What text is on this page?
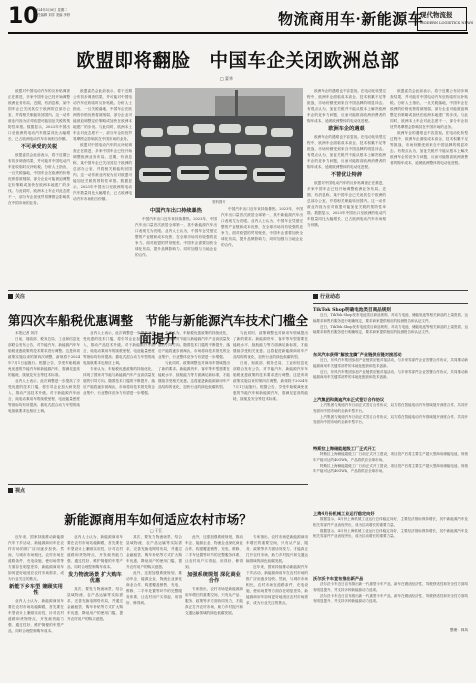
10
2024年5月6日 星期二
责任编辑 刘洋 美编 李婷	物流商用车·新能源车
现代物流报
MODERN LOGISTICS NEWS
欧盟即将翻脸　中国车企关闭欧洲总部
□ 蒙华

欧盟对中国电动汽车的反补贴调查正在推进，多家中国车企已经开始调整欧洲业务布局。近期，有消息称，某中国车企已关闭其位于欧洲的总部办公室，并将相关职能转回国内。这一动作被业内视为应对欧盟可能加征关税的预防性举措。数据显示，2023年中国出口至欧洲的电动汽车数量同比大幅增长，已占欧洲电动汽车市场相当份额。

不可承受的关税

欧盟委员会此前表示，将于近期公布初步调查结果，并可能对中国电动汽车征收临时反补贴税。分析人士指出，一旦关税落地，中国车企在欧洲的价格优势将被削弱，部分企业可能被迫调整定价策略或加快在欧洲本地建厂的步伐。与此同时，欧洲本土车企对此态度不一，部分车企担忧贸易摩擦会影响其在中国市场的业务。

欧盟委员会此前表示，将于近期公布初步调查结果，并可能对中国电动汽车征收临时反补贴税。分析人士指出，一旦关税落地，中国车企在欧洲的价格优势将被削弱，部分企业可能被迫调整定价策略或加快在欧洲本地建厂的步伐。与此同时，欧洲本土车企对此态度不一，部分车企担忧贸易摩擦会影响其在中国市场的业务。

欧盟对中国电动汽车的反补贴调查正在推进，多家中国车企已经开始调整欧洲业务布局。近期，有消息称，某中国车企已关闭其位于欧洲的总部办公室，并将相关职能转回国内。这一动作被业内视为应对欧盟可能加征关税的预防性举措。数据显示，2023年中国出口至欧洲的电动汽车数量同比大幅增长，已占欧洲电动汽车市场相当份额。

资料图片
中国汽车出口持续暴热

中国汽车出口近年来持续暴热。2023年，中国汽车出口量首次跃居全球第一，其中新能源汽车出口表现尤为亮眼。业内人士认为，中国车企凭借完整的产业链和成本优势，在全球市场具有较强的竞争力。面对欧盟的贸易壁垒，中国车企需要加快全球化布局，提升品牌影响力，同时加强与当地企业的合作。

中国汽车出口近年来持续暴热。2023年，中国汽车出口量首次跃居全球第一，其中新能源汽车出口表现尤为亮眼。业内人士认为，中国车企凭借完整的产业链和成本优势，在全球市场具有较强的竞争力。面对欧盟的贸易壁垒，中国车企需要加快全球化布局，提升品牌影响力，同时加强与当地企业的合作。

欧洲车企的遇艰也不容忽视。在电动化转型过程中，欧洲车企面临成本高企、技术积累不足等挑战，市场份额受到来自中国品牌的明显冲击。有观点认为，加征关税并不能从根本上解决欧洲车企的竞争力问题，反而可能推高欧洲消费者的购车成本，延缓欧洲整体的电动化进程。

欧洲车企的遇艰

欧洲车企的遇艰也不容忽视。在电动化转型过程中，欧洲车企面临成本高企、技术积累不足等挑战，市场份额受到来自中国品牌的明显冲击。有观点认为，加征关税并不能从根本上解决欧洲车企的竞争力问题，反而可能推高欧洲消费者的购车成本，延缓欧洲整体的电动化进程。

不替优让特辞

欧盟对中国电动汽车的反补贴调查正在推进，多家中国车企已经开始调整欧洲业务布局。近期，有消息称，某中国车企已关闭其位于欧洲的总部办公室，并将相关职能转回国内。这一动作被业内视为应对欧盟可能加征关税的预防性举措。数据显示，2023年中国出口至欧洲的电动汽车数量同比大幅增长，已占欧洲电动汽车市场相当份额。

欧盟委员会此前表示，将于近期公布初步调查结果，并可能对中国电动汽车征收临时反补贴税。分析人士指出，一旦关税落地，中国车企在欧洲的价格优势将被削弱，部分企业可能被迫调整定价策略或加快在欧洲本地建厂的步伐。与此同时，欧洲本土车企对此态度不一，部分车企担忧贸易摩擦会影响其在中国市场的业务。

欧洲车企的遇艰也不容忽视。在电动化转型过程中，欧洲车企面临成本高企、技术积累不足等挑战，市场份额受到来自中国品牌的明显冲击。有观点认为，加征关税并不能从根本上解决欧洲车企的竞争力问题，反而可能推高欧洲消费者的购车成本，延缓欧洲整体的电动化进程。

关注
第四次车船税优惠调整　节能与新能源汽车技术门槛全面提升

本报记者 刘洋

日前，财政部、税务总局、工业和信息化部联合发布公告，对节能汽车、新能源汽车车船税优惠政策的技术要求进行调整。这是该项政策实施以来的第四次调整，新规将于2024年7月1日起施行。根据公告，享受车船税减免优惠的节能汽车和新能源汽车，需满足更高的能耗、续航及安全等技术标准。

业内人士表示，此次调整进一步提高了享受优惠的技术门槛，将引导企业加大研发投入，推动产品技术升级。对于新能源汽车而言，纯电动乘用车的续驶里程、电池能量密度等指标均有所提高；插电式混合动力车型的纯电续航要求也相应上调。

业内人士表示，此次调整进一步提高了享受优惠的技术门槛，将引导企业加大研发投入，推动产品技术升级。对于新能源汽车而言，纯电动乘用车的续驶里程、电池能量密度等指标均有所提高；插电式混合动力车型的纯电续航要求也相应上调。

专家认为，车船税优惠政策的持续优化，体现了国家对节能与新能源汽车产业高质量发展的引导方向。随着技术门槛的不断提升，落后产能将逐步被淘汰，市场将向技术领先的企业集中，行业整体竞争力有望进一步增强。

专家认为，车船税优惠政策的持续优化，体现了国家对节能与新能源汽车产业高质量发展的引导方向。随着技术门槛的不断提升，落后产能将逐步被淘汰，市场将向技术领先的企业集中，行业整体竞争力有望进一步增强。

与此同时，政策调整也对商用车领域提出了新的要求。新能源货车、客车等车型需要在能耗水平、续航能力等方面满足新标准，才能继续享受相关优惠。这将促进新能源商用车产品结构的优化，加快行业的绿色低碳转型。

与此同时，政策调整也对商用车领域提出了新的要求。新能源货车、客车等车型需要在能耗水平、续航能力等方面满足新标准，才能继续享受相关优惠。这将促进新能源商用车产品结构的优化，加快行业的绿色低碳转型。

日前，财政部、税务总局、工业和信息化部联合发布公告，对节能汽车、新能源汽车车船税优惠政策的技术要求进行调整。这是该项政策实施以来的第四次调整，新规将于2024年7月1日起施行。根据公告，享受车船税减免优惠的节能汽车和新能源汽车，需满足更高的能耗、续航及安全等技术标准。

行业动态
TikTok Shop明确电池类目商品规则

近日，TikTok Shop发布电池类目商品规则，对动力电池、储能电池等相关商品的上架资质、运输要求和售后服务进行明确规定，要求商家提供相应的检测报告和认证文件。

近日，TikTok Shop发布电池类目商品规则，对动力电池、储能电池等相关商品的上架资质、运输要求和售后服务进行明确规定，要求商家提供相应的检测报告和认证文件。

东风汽车获得“解放龙腾”产业链供应链对接活动

近日，东风汽车集团参加产业链供应链对接活动，与多家零部件企业签署合作协议，共同推动新能源商用车关键零部件的本地化配套和技术创新。

近日，东风汽车集团参加产业链供应链对接活动，与多家零部件企业签署合作协议，共同推动新能源商用车关键零部件的本地化配套和技术创新。

上汽集团和奥迪汽车正式签订合作协议

上汽集团与奥迪汽车日前正式签订合作协议，双方将在智能电动汽车领域展开深度合作，共同开发面向中国市场的全新车型平台。

上汽集团与奥迪汽车日前正式签订合作协议，双方将在智能电动汽车领域展开深度合作，共同开发面向中国市场的全新车型平台。

特斯拉上海储能超级工厂正式开工

特斯拉上海储能超级工厂日前正式开工建设，项目投产后将主要生产超大型商用储能电池，规划年产能可达约40GWh，产品将供应全球市场。

特斯拉上海储能超级工厂日前正式开工建设，项目投产后将主要生产超大型商用储能电池，规划年产能可达约40GWh，产品将供应全球市场。

上海4月份机械工业运行稳定向好

数据显示，4月份上海机械工业运行总体稳定向好，主要经济指标保持增长，其中新能源汽车及相关零部件产业表现突出，成为拉动增长的重要力量。

数据显示，4月份上海机械工业运行总体稳定向好，主要经济指标保持增长，其中新能源汽车及相关零部件产业表现突出，成为拉动增长的重要力量。

沃尔沃卡车宣布推出新产品

沃尔沃卡车近日宣布推出新一代重型卡车产品，新车在燃油经济性、驾驶舒适性和安全性方面均有明显提升，并支持多种新能源动力选项。

沃尔沃卡车近日宣布推出新一代重型卡车产品，新车在燃油经济性、驾驶舒适性和安全性方面均有明显提升，并支持多种新能源动力选项。

整理：林凤
视点
新能源商用车如何适应农村市场？
□ 于江

近年来，国家持续推动新能源汽车下乡活动，新能源商用车在农村市场的推广应用逐步加快。然而，与城市市场相比，农村市场在道路条件、充电设施、使用场景等方面存在明显差异，新能源商用车如何更好地适应农村市场需求，成为行业关注的焦点。

新能下乡车型 兼顾实用性

业内人士认为，新能源商用车要在农村市场站稳脚跟，首先要在车型设计上兼顾实用性，针对农村道路和货物特点，开发载货能力强、通过性好、维护简便的车型产品，同时合理控制购车成本。

业内人士认为，新能源商用车要在农村市场站稳脚跟，首先要在车型设计上兼顾实用性，针对农村道路和货物特点，开发载货能力强、通过性好、维护简便的车型产品，同时合理控制购车成本。

发力物流场景 扩大购车优惠

其次，要发力物流场景，结合县域物流、农产品运输等实际需求，完善充换电网络布局，并通过金融租赁、购车补贴等方式扩大购车优惠，降低用户的使用门槛，提升农村用户的购买意愿。

其次，要发力物流场景，结合县域物流、农产品运输等实际需求，完善充换电网络布局，并通过金融租赁、购车补贴等方式扩大购车优惠，降低用户的使用门槛，提升农村用户的购买意愿。

此外，还需加强系统规划，推动车企、能源企业、物流企业深化商业合作，构建覆盖销售、充电、维修、二手车处置等环节的完整服务体系，让农村用户买得起、用得好、修得到。

此外，还需加强系统规划，推动车企、能源企业、物流企业深化商业合作，构建覆盖销售、充电、维修、二手车处置等环节的完整服务体系，让农村用户买得起、用得好、修得到。

加强系统规划 深化商业合作

专家指出，农村市场是新能源商用车增长的重要空间，只有从产品、服务、政策等多方面协同发力，才能真正打开农村市场，助力乡村振兴和交通运输领域的绿色低碳发展。

专家指出，农村市场是新能源商用车增长的重要空间，只有从产品、服务、政策等多方面协同发力，才能真正打开农村市场，助力乡村振兴和交通运输领域的绿色低碳发展。

近年来，国家持续推动新能源汽车下乡活动，新能源商用车在农村市场的推广应用逐步加快。然而，与城市市场相比，农村市场在道路条件、充电设施、使用场景等方面存在明显差异，新能源商用车如何更好地适应农村市场需求，成为行业关注的焦点。
